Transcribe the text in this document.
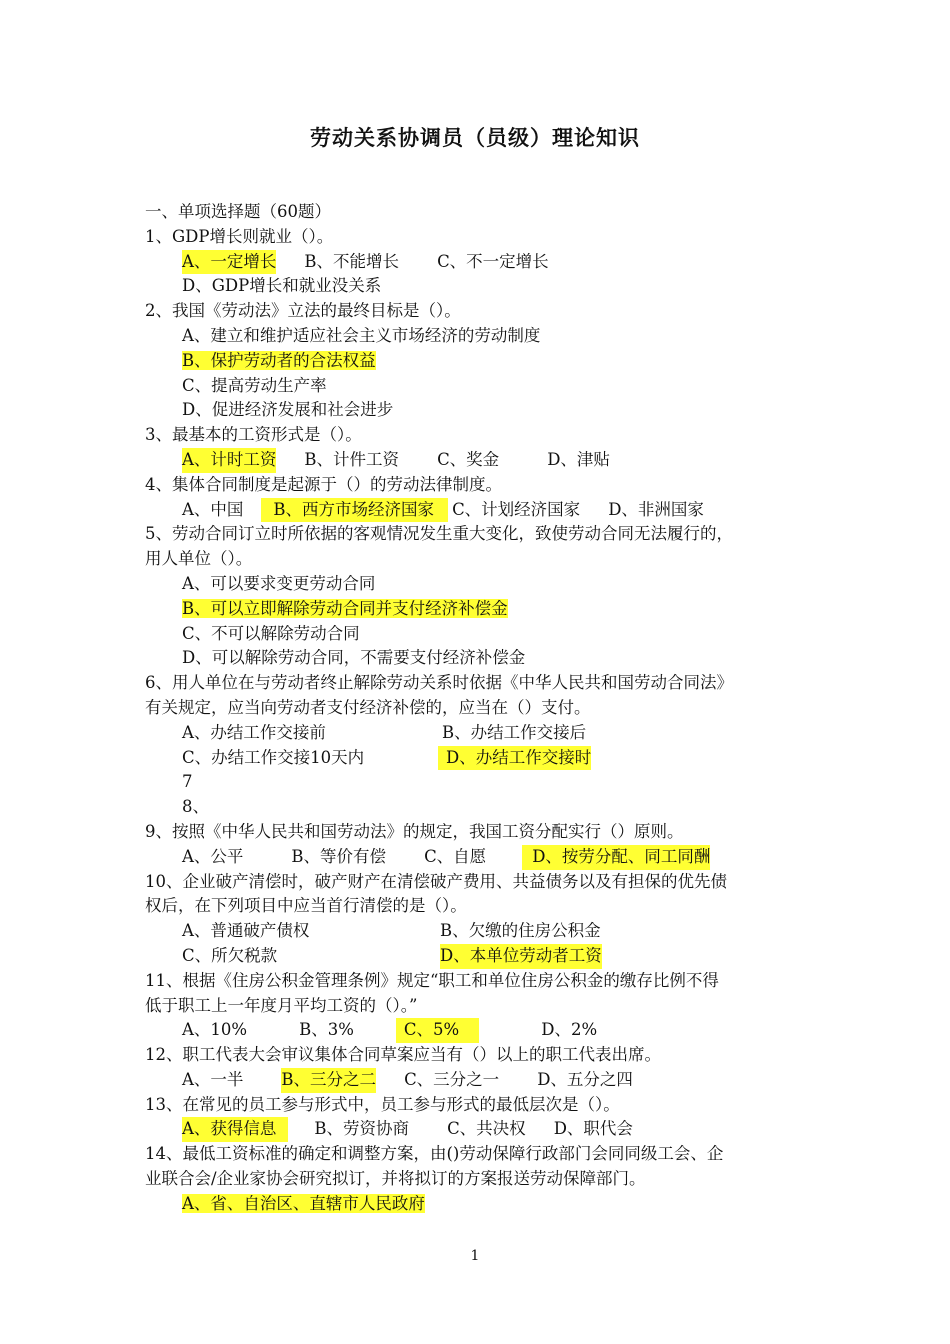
劳动关系协调员（员级）理论知识
一、单项选择题（60题）
1、GDP增长则就业（）。
A、一定增长 B、不能增长 C、不一定增长
D、GDP增长和就业没关系
2、我国《劳动法》立法的最终目标是（）。
A、建立和维护适应社会主义市场经济的劳动制度
B、保护劳动者的合法权益
C、提高劳动生产率
D、促进经济发展和社会进步
3、最基本的工资形式是（）。
A、计时工资 B、计件工资 C、奖金	D、津贴
4、集体合同制度是起源于（）的劳动法律制度。
A、中国 B、西方市场经济国家 C、计划经济国家 D、非洲国家
5、劳动合同订立时所依据的客观情况发生重大变化，致使劳动合同无法履行的，
用人单位（）。
A、可以要求变更劳动合同
B、可以立即解除劳动合同并支付经济补偿金
C、不可以解除劳动合同
D、可以解除劳动合同，不需要支付经济补偿金
6、用人单位在与劳动者终止解除劳动关系时依据《中华人民共和国劳动合同法》
有关规定，应当向劳动者支付经济补偿的，应当在（）支付。
A、办结工作交接前	B、办结工作交接后
C、办结工作交接10天内	D、办结工作交接时
7
8、
9、按照《中华人民共和国劳动法》的规定，我国工资分配实行（）原则。
A、公平	B、等价有偿 C、自愿	D、按劳分配、同工同酬
10、企业破产清偿时，破产财产在清偿破产费用、共益债务以及有担保的优先债
权后，在下列项目中应当首行清偿的是（）。
A、普通破产债权	B、欠缴的住房公积金
C、所欠税款	D、本单位劳动者工资
11、根据《住房公积金管理条例》规定“职工和单位住房公积金的缴存比例不得
低于职工上一年度月平均工资的（）。”
A、10%	B、3%	C、5%	D、2%
12、职工代表大会审议集体合同草案应当有（）以上的职工代表出席。
A、一半 B、三分之二 C、三分之一 D、五分之四
13、在常见的员工参与形式中，员工参与形式的最低层次是（）。
A、获得信息 B、劳资协商 C、共决权 D、职代会
14、最低工资标准的确定和调整方案，由()劳动保障行政部门会同同级工会、企
业联合会/企业家协会研究拟订，并将拟订的方案报送劳动保障部门。
A、省、自治区、直辖市人民政府
1
